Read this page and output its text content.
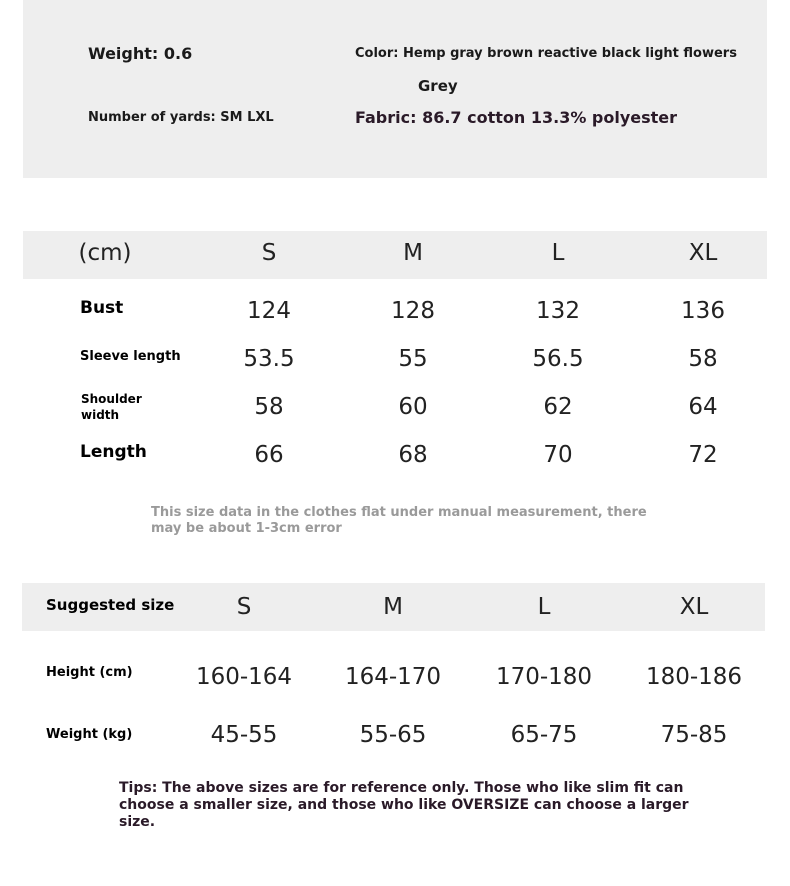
Weight: 0.6	Color: Hemp gray brown reactive black light flowers
Grey
Number of yards: SM LXL	Fabric: 86.7 cotton 13.3% polyester
(cm)	S	M	L	XL
Bust	124	128	132	136
Sleeve length	53.5	55	56.5	58
Shoulder
width	58	60	62	64
Length	66	68	70	72
This size data in the clothes flat under manual measurement, there may be about 1-3cm error
Suggested size	S	M	L	XL
Height (cm)	160-164	164-170	170-180	180-186
Weight (kg)	45-55	55-65	65-75	75-85
Tips: The above sizes are for reference only. Those who like slim fit can choose a smaller size, and those who like OVERSIZE can choose a larger size.
